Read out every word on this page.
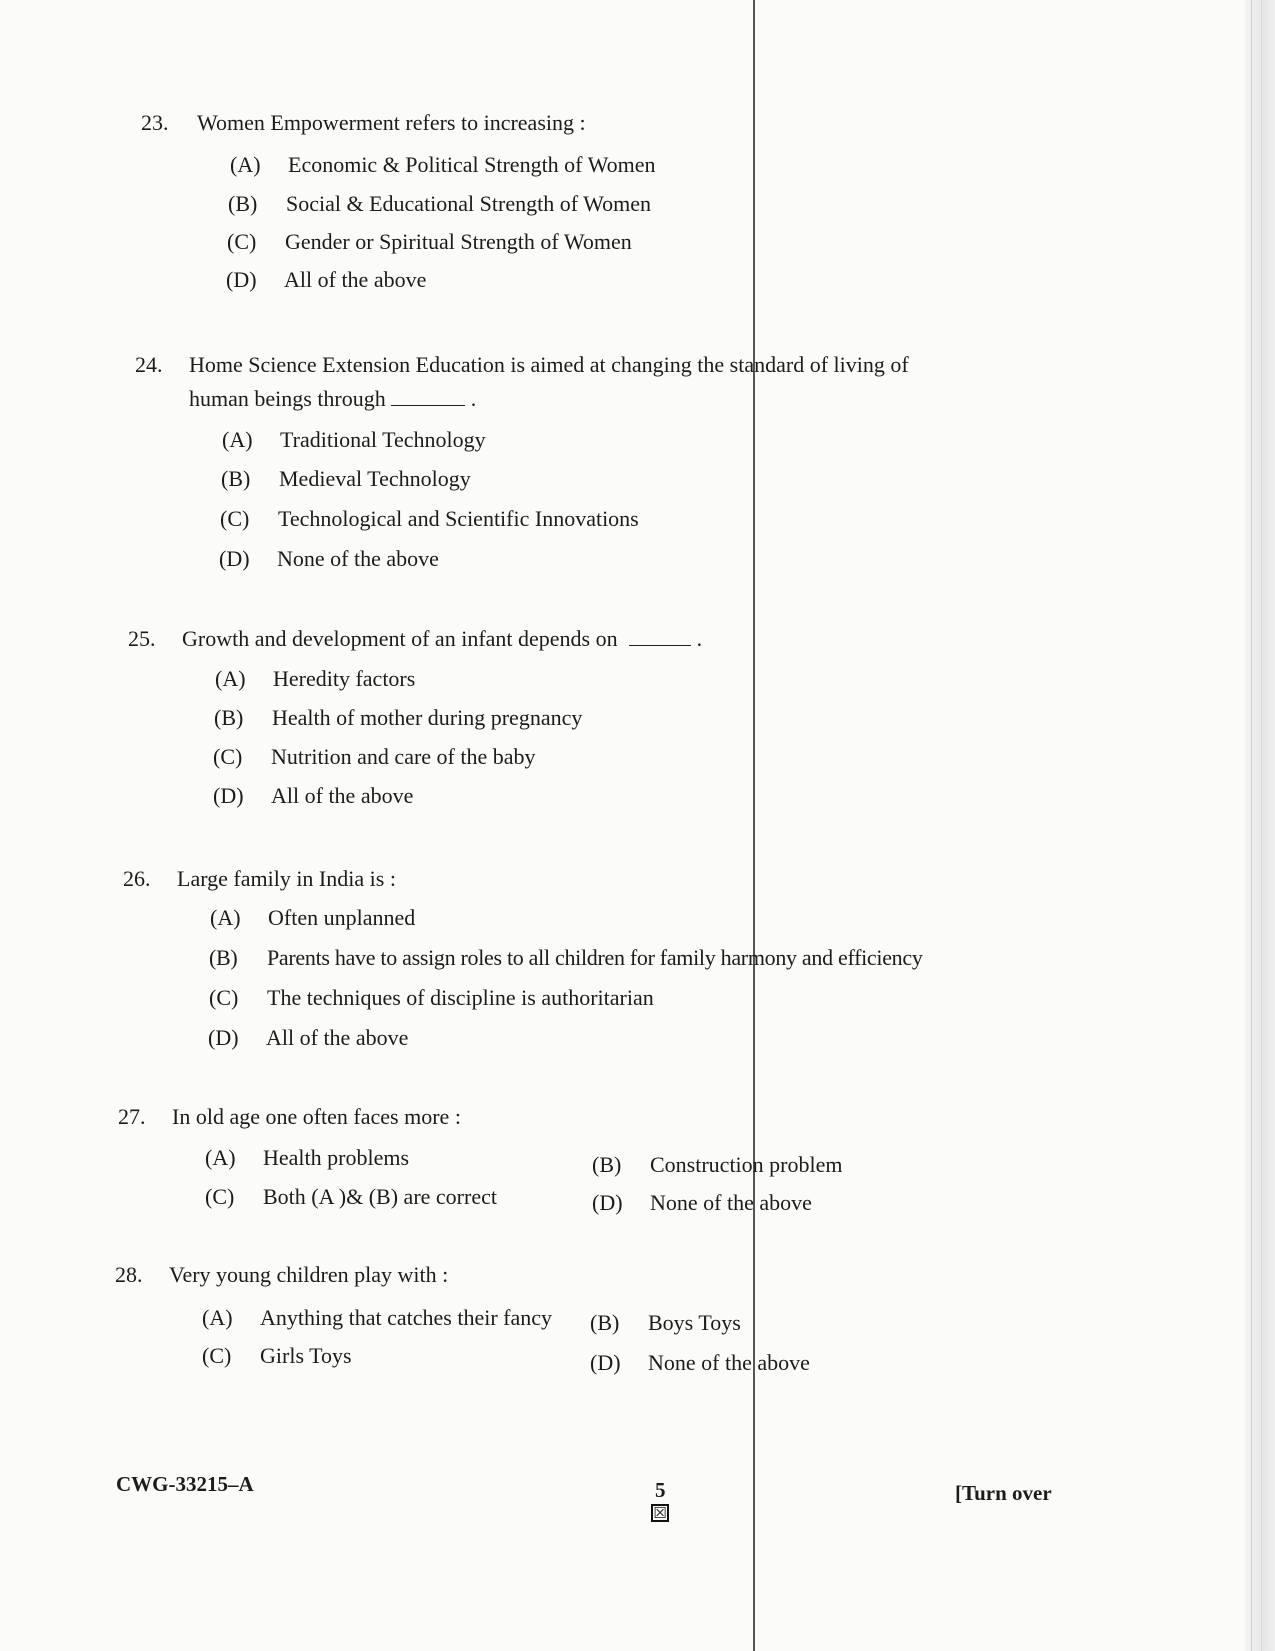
23. Women Empowerment refers to increasing :
(A) Economic & Political Strength of Women
(B) Social & Educational Strength of Women
(C) Gender or Spiritual Strength of Women
(D) All of the above
24. Home Science Extension Education is aimed at changing the standard of living of
human beings through	.
(A) Traditional Technology
(B) Medieval Technology
(C) Technological and Scientific Innovations
(D) None of the above
25. Growth and development of an infant depends on	.
(A) Heredity factors
(B) Health of mother during pregnancy
(C) Nutrition and care of the baby
(D) All of the above
26. Large family in India is :
(A) Often unplanned
(B) Parents have to assign roles to all children for family harmony and efficiency
(C) The techniques of discipline is authoritarian
(D) All of the above
27. In old age one often faces more :
(A) Health problems	(B) Construction problem
(C) Both (A )& (B) are correct	(D) None of the above
28. Very young children play with :
(A) Anything that catches their fancy (B) Boys Toys
(C) Girls Toys	(D) None of the above
CWG-33215–A	5
☒
[Turn over
